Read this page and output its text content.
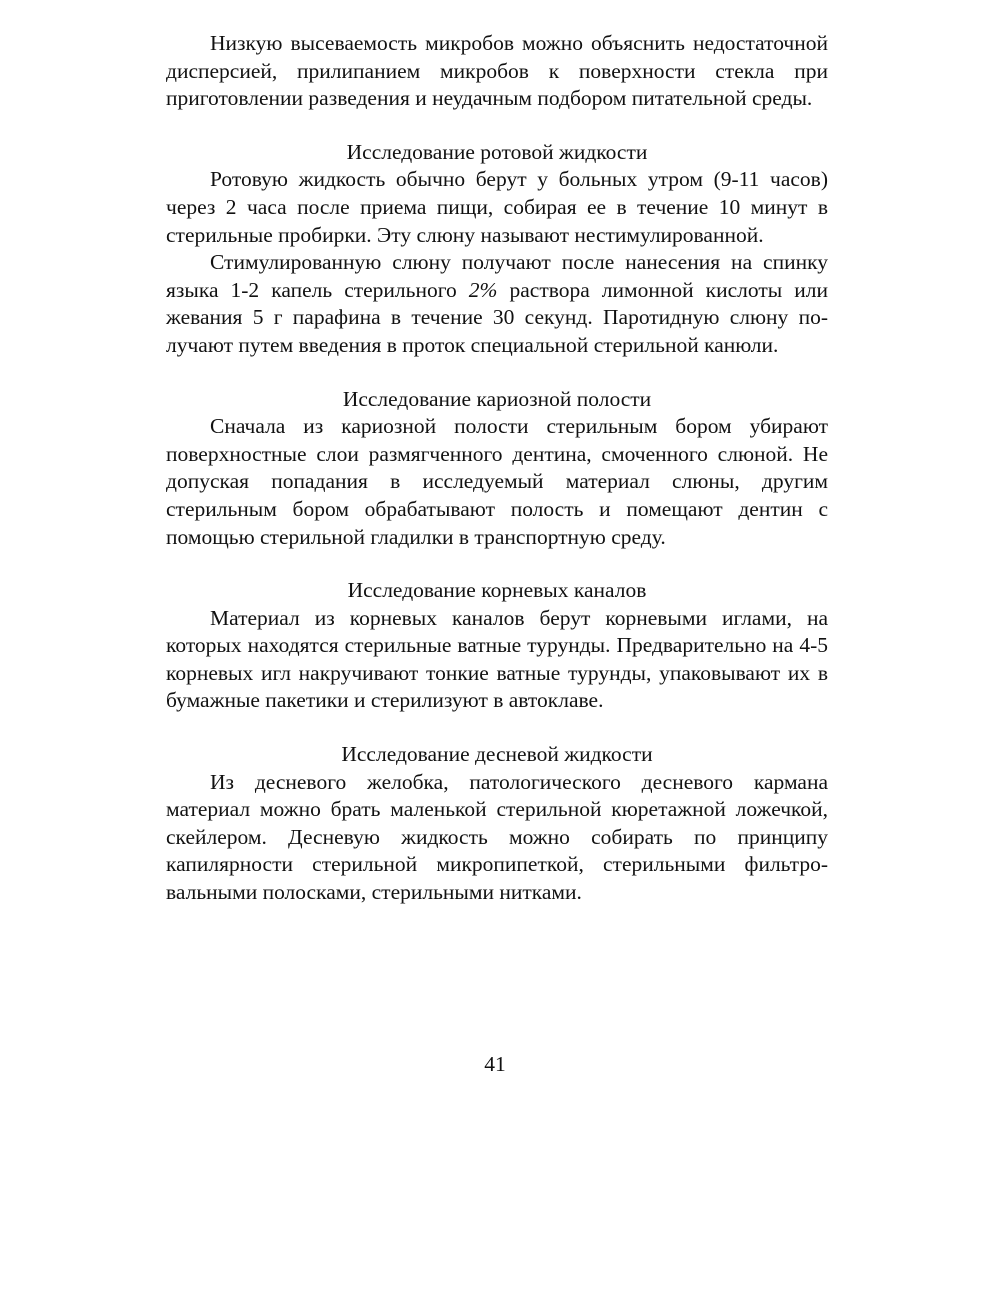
Низкую высеваемость микробов можно объяснить недостаточной дисперсией, прилипанием микробов к поверхности стекла при приготовлении разведения и неудачным подбором питательной среды.

Исследование ротовой жидкости

Ротовую жидкость обычно берут у больных утром (9-11 часов) через 2 часа после приема пищи, собирая ее в течение 10 минут в стерильные пробирки. Эту слюну называют нестимулированной.

Стимулированную слюну получают после нанесения на спинку языка 1-2 капель стерильного 2% раствора лимонной кислоты или жевания 5 г парафина в течение 30 секунд. Паротидную слюну получают путем введения в проток специальной стерильной канюли.

Исследование кариозной полости

Сначала из кариозной полости стерильным бором убирают поверхностные слои размягченного дентина, смоченного слюной. Не допуская попадания в исследуемый материал слюны, другим стерильным бором обрабатывают полость и помещают дентин с помощью стерильной гладилки в транспортную среду.

Исследование корневых каналов

Материал из корневых каналов берут корневыми иглами, на которых находятся стерильные ватные турунды. Предварительно на 4-5 корневых игл накручивают тонкие ватные турунды, упаковывают их в бумажные пакетики и стерилизуют в автоклаве.

Исследование десневой жидкости

Из десневого желобка, патологического десневого кармана материал можно брать маленькой стерильной кюретажной ложечкой, скейлером. Десневую жидкость можно собирать по принципу капилярности стерильной микропипеткой, стерильными фильтровальными полосками, стерильными нитками.

41
